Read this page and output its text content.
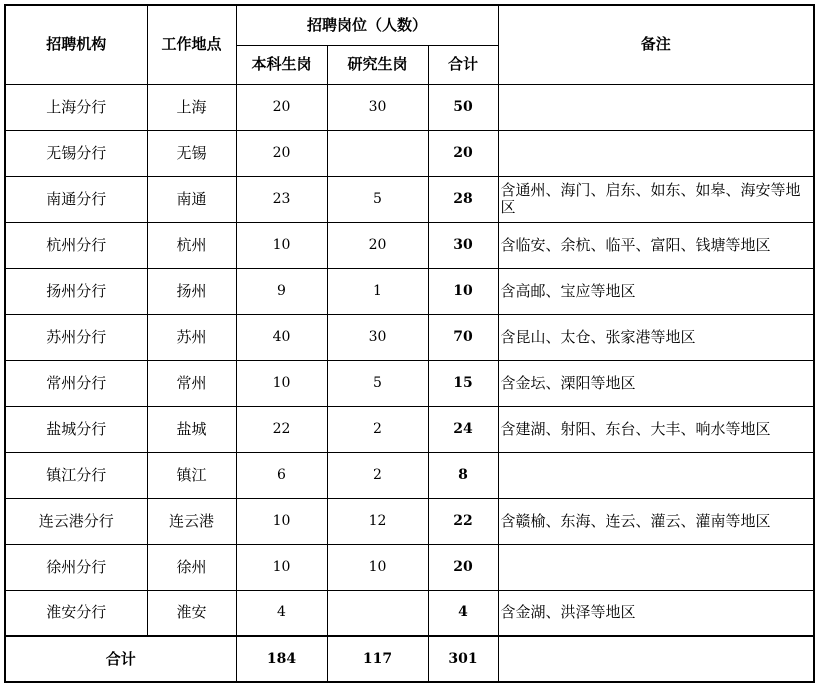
招聘机构	工作地点	招聘岗位（人数）			备注
		本科生岗	研究生岗	合计	
上海分行	上海	20	30	50	
无锡分行	无锡	20		20	
南通分行	南通	23	5	28	含通州、海门、启东、如东、如皋、海安等地区
杭州分行	杭州	10	20	30	含临安、余杭、临平、富阳、钱塘等地区
扬州分行	扬州	9	1	10	含高邮、宝应等地区
苏州分行	苏州	40	30	70	含昆山、太仓、张家港等地区
常州分行	常州	10	5	15	含金坛、溧阳等地区
盐城分行	盐城	22	2	24	含建湖、射阳、东台、大丰、响水等地区
镇江分行	镇江	6	2	8	
连云港分行	连云港	10	12	22	含赣榆、东海、连云、灌云、灌南等地区
徐州分行	徐州	10	10	20	
淮安分行	淮安	4		4	含金湖、洪泽等地区
合计		184	117	301	
